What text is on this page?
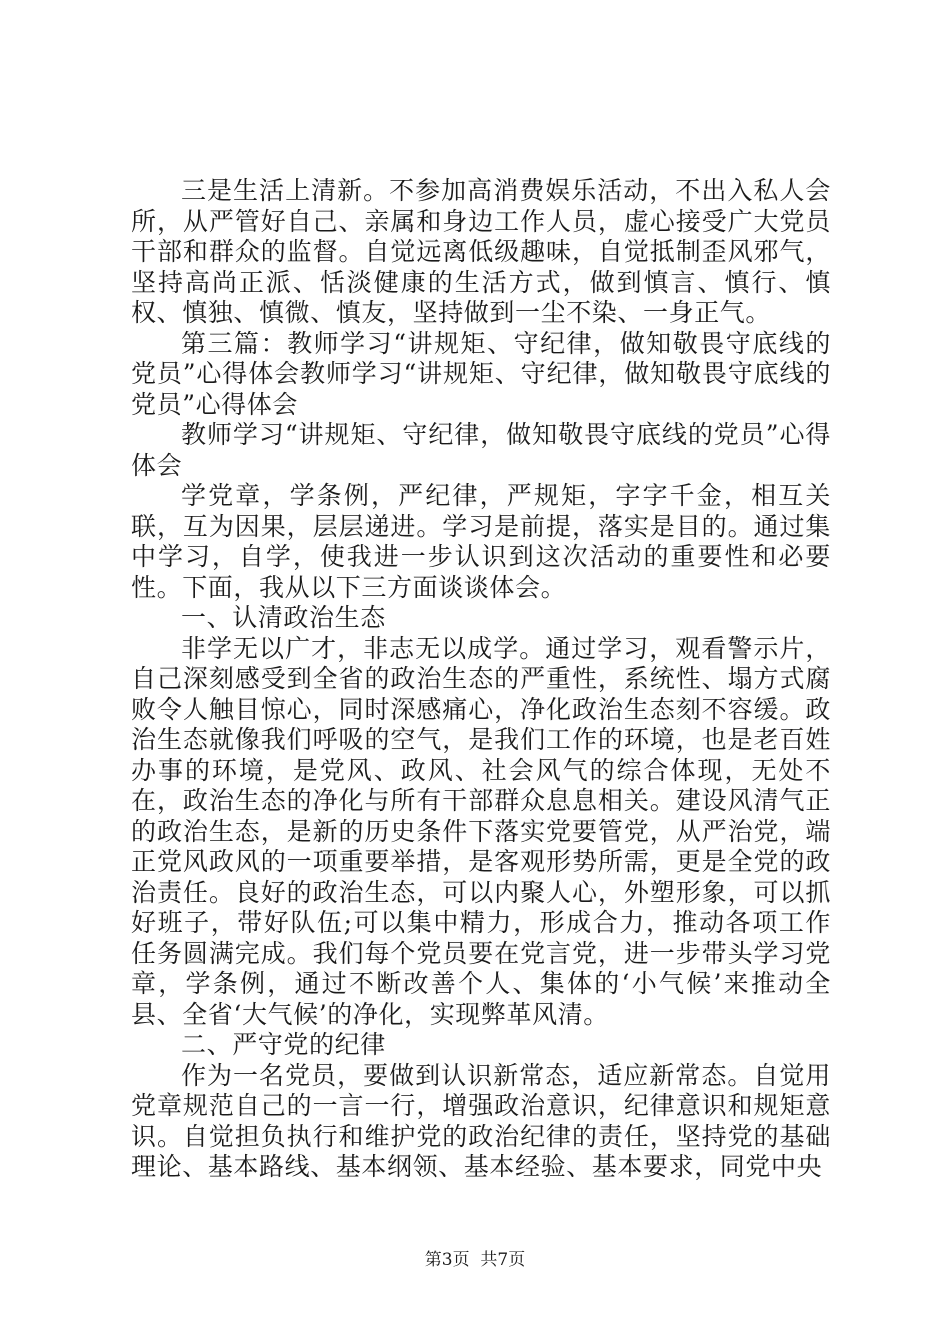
三是生活上清新。不参加高消费娱乐活动，不出入私人会所，从严管好自己、亲属和身边工作人员，虚心接受广大党员干部和群众的监督。自觉远离低级趣味，自觉抵制歪风邪气，坚持高尚正派、恬淡健康的生活方式，做到慎言、慎行、慎权、慎独、慎微、慎友，坚持做到一尘不染、一身正气。

第三篇：教师学习“讲规矩、守纪律，做知敬畏守底线的党员”心得体会教师学习“讲规矩、守纪律，做知敬畏守底线的党员”心得体会

教师学习“讲规矩、守纪律，做知敬畏守底线的党员”心得体会

学党章，学条例，严纪律，严规矩，字字千金，相互关联，互为因果，层层递进。学习是前提，落实是目的。通过集中学习，自学，使我进一步认识到这次活动的重要性和必要性。下面，我从以下三方面谈谈体会。

一、认清政治生态

非学无以广才，非志无以成学。通过学习，观看警示片，自己深刻感受到全省的政治生态的严重性，系统性、塌方式腐败令人触目惊心，同时深感痛心，净化政治生态刻不容缓。政治生态就像我们呼吸的空气，是我们工作的环境，也是老百姓办事的环境，是党风、政风、社会风气的综合体现，无处不在，政治生态的净化与所有干部群众息息相关。建设风清气正的政治生态，是新的历史条件下落实党要管党，从严治党，端正党风政风的一项重要举措，是客观形势所需，更是全党的政治责任。良好的政治生态，可以内聚人心，外塑形象，可以抓好班子，带好队伍;可以集中精力，形成合力，推动各项工作任务圆满完成。我们每个党员要在党言党，进一步带头学习党章，学条例，通过不断改善个人、集体的‘小气候’来推动全县、全省‘大气候’的净化，实现弊革风清。

二、严守党的纪律

作为一名党员，要做到认识新常态，适应新常态。自觉用党章规范自己的一言一行，增强政治意识，纪律意识和规矩意识。自觉担负执行和维护党的政治纪律的责任，坚持党的基础理论、基本路线、基本纲领、基本经验、基本要求，同党中央

第3页  共7页
